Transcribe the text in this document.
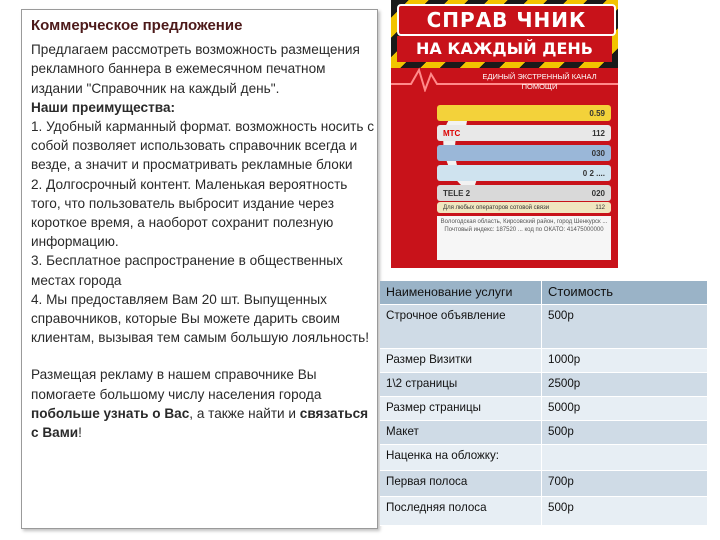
Коммерческое предложение

Предлагаем рассмотреть возможность размещения рекламного баннера в ежемесячном печатном издании "Справочник на каждый день".

Наши преимущества:

1. Удобный карманный формат. возможность носить с собой позволяет использовать справочник всегда и везде, а значит и просматривать рекламные блоки

2. Долгосрочный контент. Маленькая вероятность того, что пользователь выбросит издание через короткое время, а наоборот сохранит полезную информацию.

3. Бесплатное распространение в общественных местах города

4. Мы предоставляем Вам 20 шт. Выпущенных справочников, которые Вы можете дарить своим клиентам, вызывая тем самым большую лояльность!

Размещая рекламу в нашем справочнике Вы помогаете большому числу населения города побольше узнать о Вас, а также найти и связаться с Вами!

СПРАВ ЧНИК
НА КАЖДЫЙ ДЕНЬ
ЕДИНЫЙ ЭКСТРЕННЫЙ КАНАЛ ПОМОЩИ
0.59
МТС	112
030
0 2 ....
TELE 2	020
Для любых операторов сотовой связи	112
Вологодская область, Кирсовский район, город Шенкурск ... Почтовый индекс: 187520 ... код по ОКАТО: 41475000000
Наименование услуги	Стоимость
Строчное объявление	500р
Размер Визитки	1000р
1\2 страницы	2500р
Размер страницы	5000р
Макет	500р
Наценка на обложку:
Первая полоса	700р
Последняя полоса	500р
